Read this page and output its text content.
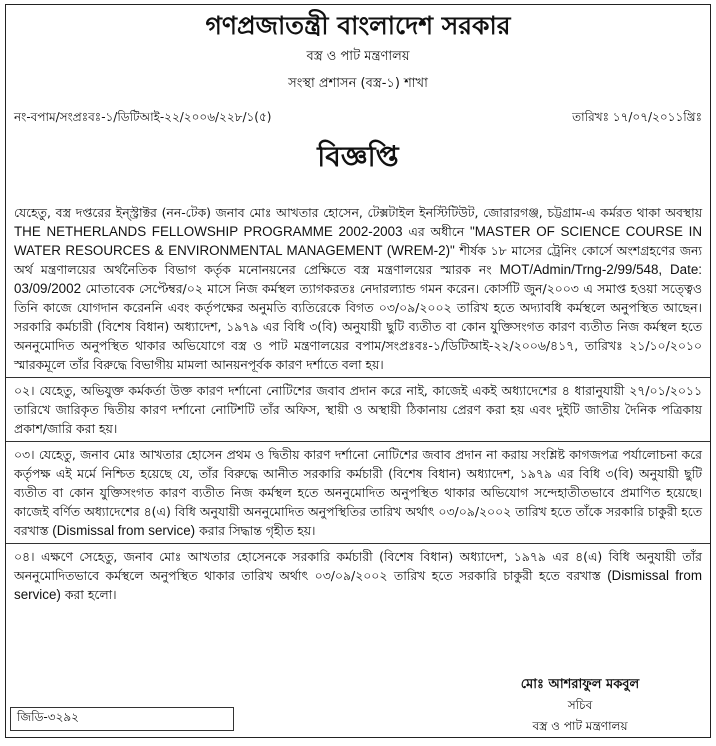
গণপ্রজাতন্ত্রী বাংলাদেশ সরকার
বস্ত্র ও পাট মন্ত্রণালয়
সংস্থা প্রশাসন (বস্ত্র-১) শাখা
নং-বপাম/সংপ্রঃবঃ-১/ডিটিআই-২২/২০০৬/২২৮/১(৫)	তারিখঃ ১৭/০৭/২০১১খ্রিঃ
বিজ্ঞপ্তি

যেহেতু, বস্ত্র দপ্তরের ইন্স্ট্রাক্টর (নন-টেক) জনাব মোঃ আখতার হোসেন, টেক্সটাইল ইনস্টিটিউট, জোরারগঞ্জ, চট্টগ্রাম-এ কর্মরত থাকা অবস্থায় THE NETHERLANDS FELLOWSHIP PROGRAMME 2002-2003 এর অধীনে "MASTER OF SCIENCE COURSE IN WATER RESOURCES & ENVIRONMENTAL MANAGEMENT (WREM-2)" শীর্ষক ১৮ মাসের ট্রেনিং কোর্সে অংশগ্রহণের জন্য অর্থ মন্ত্রণালয়ের অর্থনৈতিক বিভাগ কর্তৃক মনোনয়নের প্রেক্ষিতে বস্ত্র মন্ত্রণালয়ের স্মারক নং MOT/Admin/Trng-2/99/548, Date: 03/09/2002 মোতাবেক সেপ্টেম্বর/০২ মাসে নিজ কর্মস্থল ত্যাগকরতঃ নেদারল্যান্ড গমন করেন। কোর্সটি জুন/২০০৩ এ সমাপ্ত হওয়া সত্ত্বেও তিনি কাজে যোগদান করেননি এবং কর্তৃপক্ষের অনুমতি ব্যতিরেকে বিগত ০৩/০৯/২০০২ তারিখ হতে অদ্যাবধি কর্মস্থলে অনুপস্থিত আছেন। সরকারি কর্মচারী (বিশেষ বিধান) অধ্যাদেশ, ১৯৭৯ এর বিধি ৩(বি) অনুযায়ী ছুটি ব্যতীত বা কোন যুক্তিসংগত কারণ ব্যতীত নিজ কর্মস্থল হতে অননুমোদিত অনুপস্থিত থাকার অভিযোগে বস্ত্র ও পাট মন্ত্রণালয়ের বপাম/সংপ্রঃবঃ-১/ডিটিআই-২২/২০০৬/৪১৭, তারিখঃ ২১/১০/২০১০ স্মারকমূলে তাঁর বিরুদ্ধে বিভাগীয় মামলা আনয়নপূর্বক কারণ দর্শাতে বলা হয়।

০২। যেহেতু, অভিযুক্ত কর্মকর্তা উক্ত কারণ দর্শানো নোটিশের জবাব প্রদান করে নাই, কাজেই একই অধ্যাদেশের ৪ ধারানুযায়ী ২৭/০১/২০১১ তারিখে জারিকৃত দ্বিতীয় কারণ দর্শানো নোটিশটি তাঁর অফিস, স্থায়ী ও অস্থায়ী ঠিকানায় প্রেরণ করা হয় এবং দুইটি জাতীয় দৈনিক পত্রিকায় প্রকাশ/জারি করা হয়।

০৩। যেহেতু, জনাব মোঃ আখতার হোসেন প্রথম ও দ্বিতীয় কারণ দর্শানো নোটিশের জবাব প্রদান না করায় সংশ্লিষ্ট কাগজপত্র পর্যালোচনা করে কর্তৃপক্ষ এই মর্মে নিশ্চিত হয়েছে যে, তাঁর বিরুদ্ধে আনীত সরকারি কর্মচারী (বিশেষ বিধান) অধ্যাদেশ, ১৯৭৯ এর বিধি ৩(বি) অনুযায়ী ছুটি ব্যতীত বা কোন যুক্তিসংগত কারণ ব্যতীত নিজ কর্মস্থল হতে অননুমোদিত অনুপস্থিত থাকার অভিযোগ সন্দেহাতীতভাবে প্রমাণিত হয়েছে। কাজেই বর্ণিত অধ্যাদেশের ৪(এ) বিধি অনুযায়ী অননুমোদিত অনুপস্থিতির তারিখ অর্থাৎ ০৩/০৯/২০০২ তারিখ হতে তাঁকে সরকারি চাকুরী হতে বরখাস্ত (Dismissal from service) করার সিদ্ধান্ত গৃহীত হয়।

০৪। এক্ষণে সেহেতু, জনাব মোঃ আখতার হোসেনকে সরকারি কর্মচারী (বিশেষ বিধান) অধ্যাদেশ, ১৯৭৯ এর ৪(এ) বিধি অনুযায়ী তাঁর অননুমোদিতভাবে কর্মস্থলে অনুপস্থিত থাকার তারিখ অর্থাৎ ০৩/০৯/২০০২ তারিখ হতে সরকারি চাকুরী হতে বরখাস্ত (Dismissal from service) করা হলো।

মোঃ আশরাফুল মকবুল
সচিব
বস্ত্র ও পাট মন্ত্রণালয়
জিডি-৩২৯২
